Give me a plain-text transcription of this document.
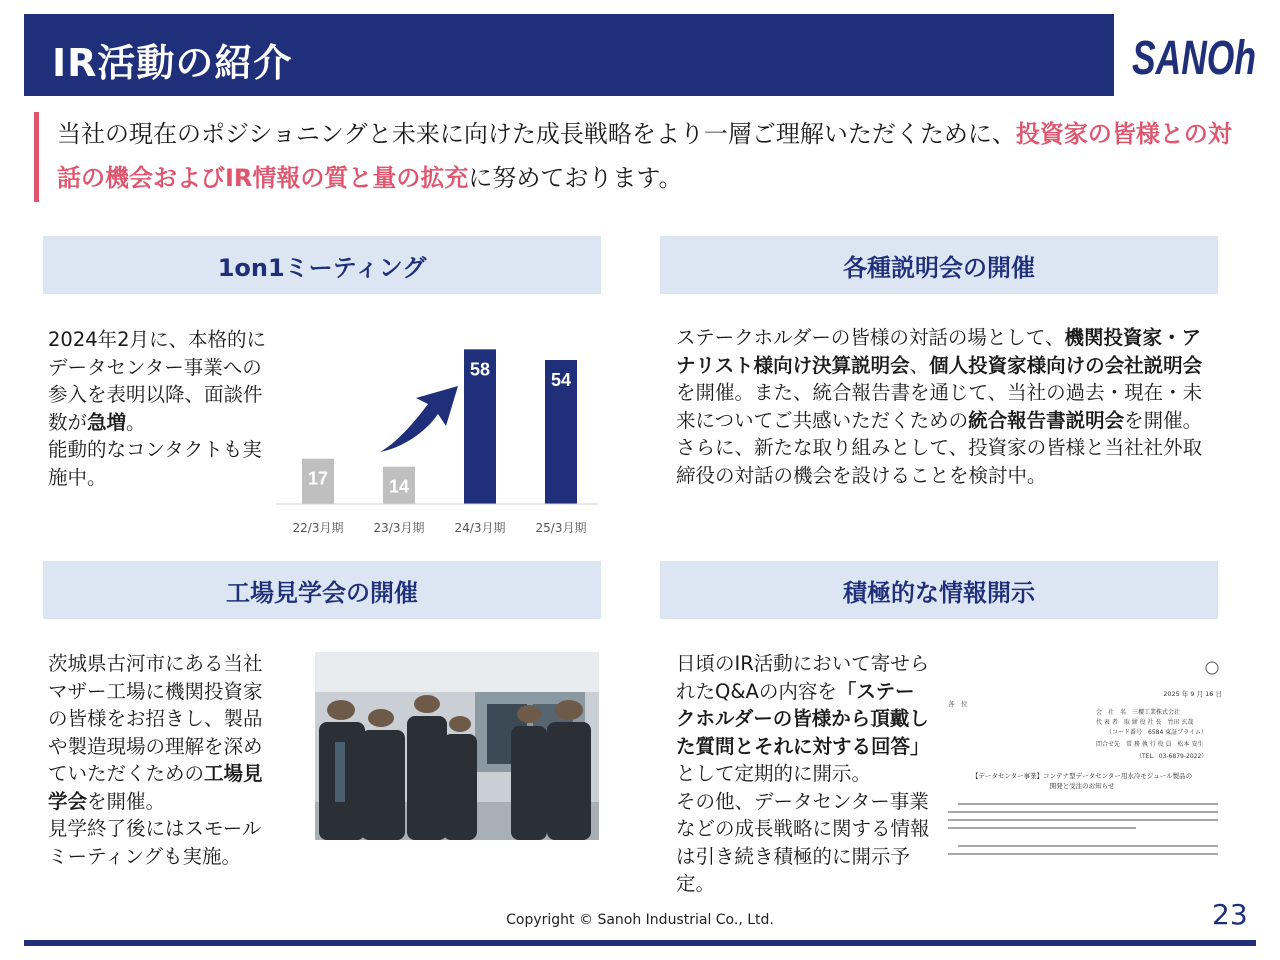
IR活動の紹介	SANOh

当社の現在のポジショニングと未来に向けた成長戦略をより一層ご理解いただくために、投資家の皆様との対話の機会およびIR情報の質と量の拡充に努めております。

1on1ミーティング
2024年2月に、本格的にデータセンター事業への参入を表明以降、面談件数が急増。
能動的なコンタクトも実施中。	17	14
58
54
22/3月期	23/3月期	24/3月期	25/3月期
各種説明会の開催
ステークホルダーの皆様の対話の場として、機関投資家・アナリスト様向け決算説明会、個人投資家様向けの会社説明会を開催。また、統合報告書を通じて、当社の過去・現在・未来についてご共感いただくための統合報告書説明会を開催。
さらに、新たな取り組みとして、投資家の皆様と当社社外取締役の対話の機会を設けることを検討中。
工場見学会の開催
茨城県古河市にある当社マザー工場に機関投資家の皆様をお招きし、製品や製造現場の理解を深めていただくための工場見学会を開催。
見学終了後にはスモールミーティングも実施。
積極的な情報開示
日頃のIR活動において寄せられたQ&Aの内容を「ステークホルダーの皆様から頂戴した質問とそれに対する回答」として定期的に開示。
その他、データセンター事業などの成長戦略に関する情報は引き続き積極的に開示予定。
2025 年 9 月 16 日
各　位
会　社　名　三櫻工業株式会社
代 表 者　取 締 役 社 長　竹田 玄哉
（コード番号　6584 東証プライム）
問合せ先　常 務 執 行 役 員　松本 安生
（TEL．03-6879-2022）
【データセンター事業】コンテナ型データセンター用水冷モジュール製品の
開発と受注のお知らせ
Copyright © Sanoh Industrial Co., Ltd.	23
